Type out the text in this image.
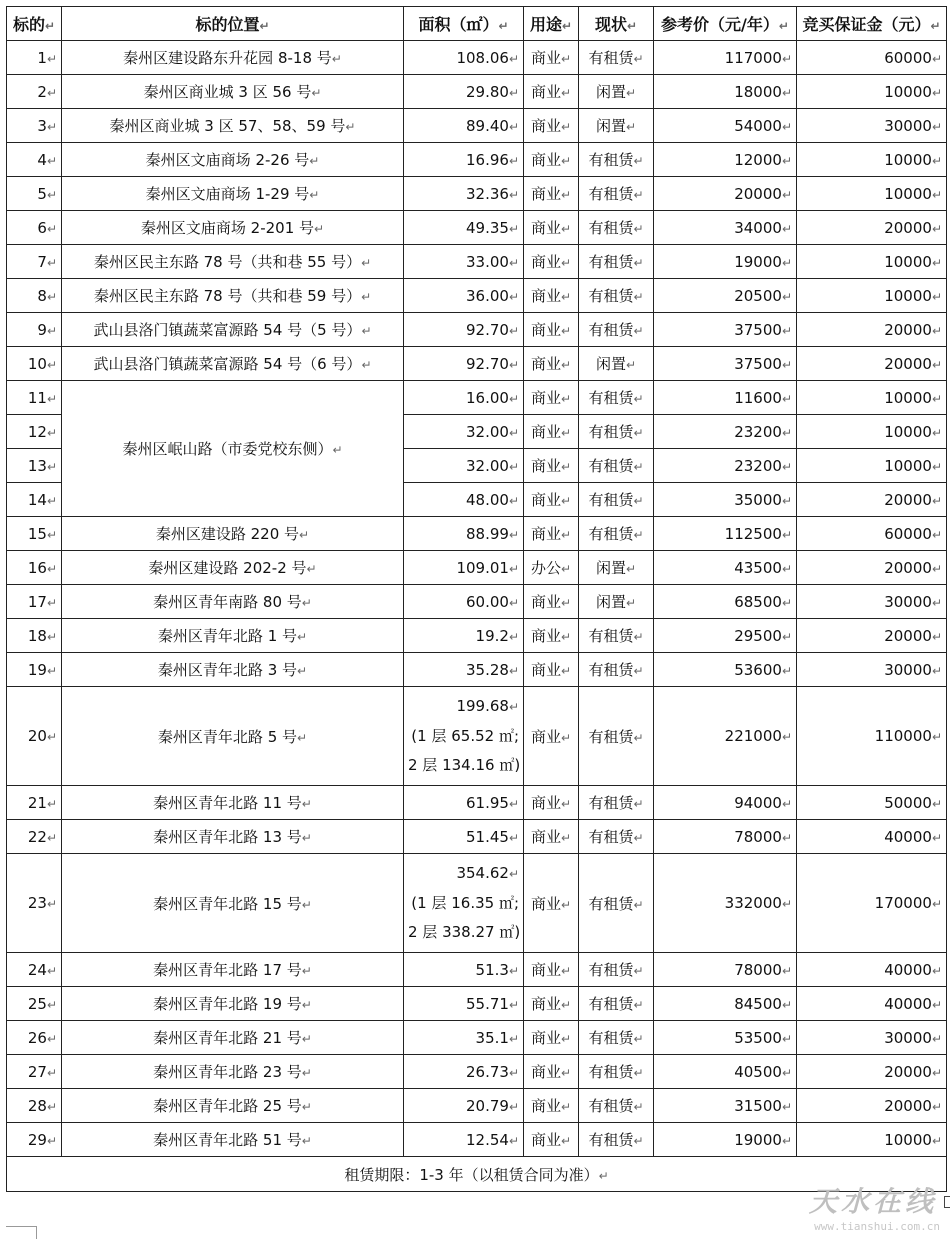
标的↵	标的位置↵	面积（㎡）↵	用途↵	现状↵	参考价（元/年）↵	竞买保证金（元）↵
1↵	秦州区建设路东升花园 8-18 号↵	108.06↵	商业↵	有租赁↵	117000↵	60000↵
2↵	秦州区商业城 3 区 56 号↵	29.80↵	商业↵	闲置↵	18000↵	10000↵
3↵	秦州区商业城 3 区 57、58、59 号↵	89.40↵	商业↵	闲置↵	54000↵	30000↵
4↵	秦州区文庙商场 2-26 号↵	16.96↵	商业↵	有租赁↵	12000↵	10000↵
5↵	秦州区文庙商场 1-29 号↵	32.36↵	商业↵	有租赁↵	20000↵	10000↵
6↵	秦州区文庙商场 2-201 号↵	49.35↵	商业↵	有租赁↵	34000↵	20000↵
7↵	秦州区民主东路 78 号（共和巷 55 号）↵	33.00↵	商业↵	有租赁↵	19000↵	10000↵
8↵	秦州区民主东路 78 号（共和巷 59 号）↵	36.00↵	商业↵	有租赁↵	20500↵	10000↵
9↵	武山县洛门镇蔬菜富源路 54 号（5 号）↵	92.70↵	商业↵	有租赁↵	37500↵	20000↵
10↵	武山县洛门镇蔬菜富源路 54 号（6 号）↵	92.70↵	商业↵	闲置↵	37500↵	20000↵
11↵	秦州区岷山路（市委党校东侧）↵	16.00↵	商业↵	有租赁↵	11600↵	10000↵
12↵		32.00↵	商业↵	有租赁↵	23200↵	10000↵
13↵		32.00↵	商业↵	有租赁↵	23200↵	10000↵
14↵		48.00↵	商业↵	有租赁↵	35000↵	20000↵
15↵	秦州区建设路 220 号↵	88.99↵	商业↵	有租赁↵	112500↵	60000↵
16↵	秦州区建设路 202-2 号↵	109.01↵	办公↵	闲置↵	43500↵	20000↵
17↵	秦州区青年南路 80 号↵	60.00↵	商业↵	闲置↵	68500↵	30000↵
18↵	秦州区青年北路 1 号↵	19.2↵	商业↵	有租赁↵	29500↵	20000↵
19↵	秦州区青年北路 3 号↵	35.28↵	商业↵	有租赁↵	53600↵	30000↵
20↵	秦州区青年北路 5 号↵	199.68↵
(1 层 65.52 ㎡;
2 层 134.16 ㎡)	商业↵	有租赁↵	221000↵	110000↵
21↵	秦州区青年北路 11 号↵	61.95↵	商业↵	有租赁↵	94000↵	50000↵
22↵	秦州区青年北路 13 号↵	51.45↵	商业↵	有租赁↵	78000↵	40000↵
23↵	秦州区青年北路 15 号↵	354.62↵
(1 层 16.35 ㎡;
2 层 338.27 ㎡)	商业↵	有租赁↵	332000↵	170000↵
24↵	秦州区青年北路 17 号↵	51.3↵	商业↵	有租赁↵	78000↵	40000↵
25↵	秦州区青年北路 19 号↵	55.71↵	商业↵	有租赁↵	84500↵	40000↵
26↵	秦州区青年北路 21 号↵	35.1↵	商业↵	有租赁↵	53500↵	30000↵
27↵	秦州区青年北路 23 号↵	26.73↵	商业↵	有租赁↵	40500↵	20000↵
28↵	秦州区青年北路 25 号↵	20.79↵	商业↵	有租赁↵	31500↵	20000↵
29↵	秦州区青年北路 51 号↵	12.54↵	商业↵	有租赁↵	19000↵	10000↵
租赁期限：1-3 年（以租赁合同为准）↵						
天水在线
www.tianshui.com.cn
